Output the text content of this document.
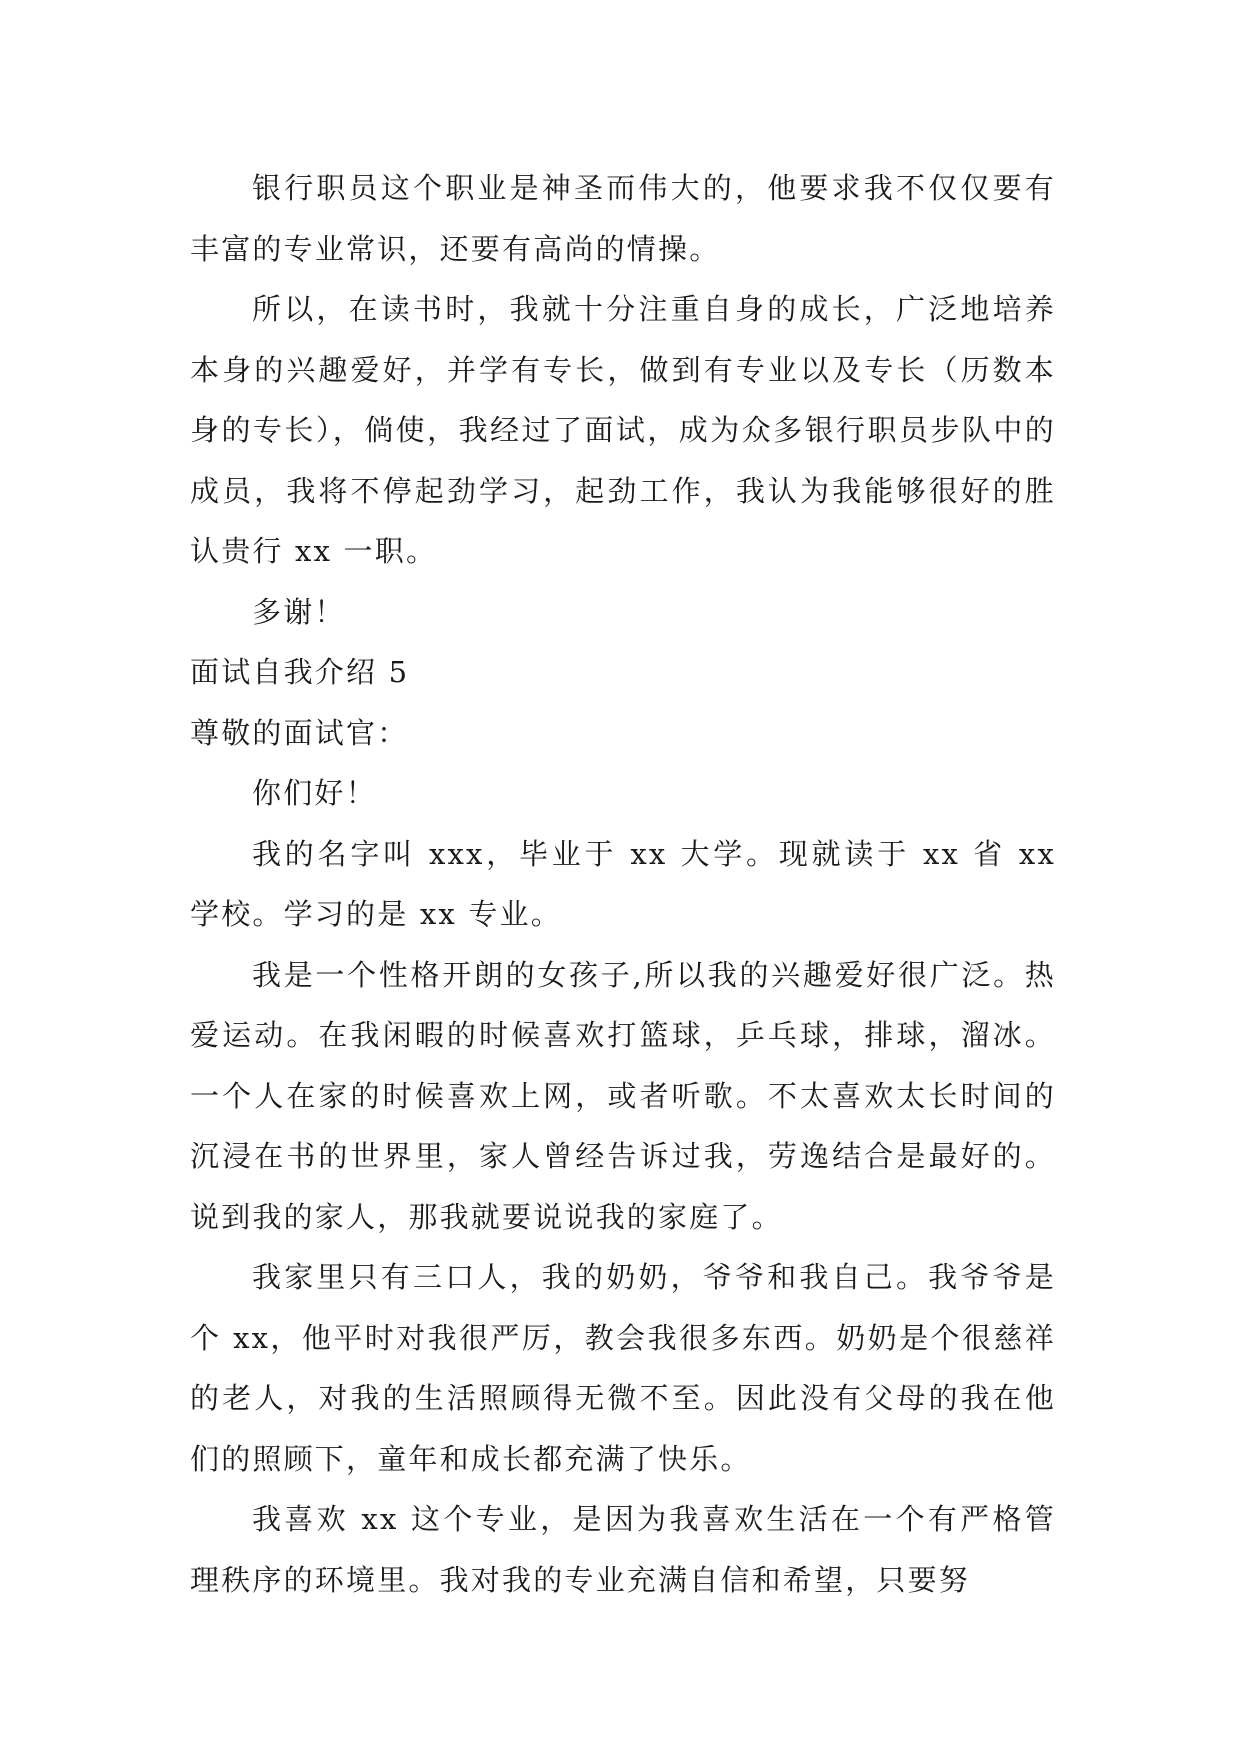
银行职员这个职业是神圣而伟大的，他要求我不仅仅要有丰富的专业常识，还要有高尚的情操。

所以，在读书时，我就十分注重自身的成长，广泛地培养本身的兴趣爱好，并学有专长，做到有专业以及专长（历数本身的专长），倘使，我经过了面试，成为众多银行职员步队中的成员，我将不停起劲学习，起劲工作，我认为我能够很好的胜认贵行 xx 一职。

多谢！

面试自我介绍 5

尊敬的面试官：

你们好！

我的名字叫 xxx，毕业于 xx 大学。现就读于 xx 省 xx 学校。学习的是 xx 专业。

我是一个性格开朗的女孩子,所以我的兴趣爱好很广泛。热爱运动。在我闲暇的时候喜欢打篮球，乒乓球，排球，溜冰。一个人在家的时候喜欢上网，或者听歌。不太喜欢太长时间的沉浸在书的世界里，家人曾经告诉过我，劳逸结合是最好的。说到我的家人，那我就要说说我的家庭了。

我家里只有三口人，我的奶奶，爷爷和我自己。我爷爷是个 xx，他平时对我很严厉，教会我很多东西。奶奶是个很慈祥的老人，对我的生活照顾得无微不至。因此没有父母的我在他们的照顾下，童年和成长都充满了快乐。

我喜欢 xx 这个专业，是因为我喜欢生活在一个有严格管理秩序的环境里。我对我的专业充满自信和希望，只要努
